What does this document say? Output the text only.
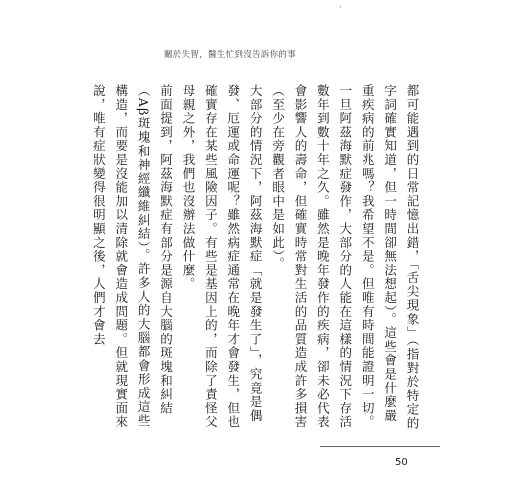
·
關於失智，醫生忙到沒告訴你的事

都可能遇到的日常記憶出錯，「舌尖現象」（指對於特定的字詞確實知道，但一時間卻無法想起）。這些會是什麼嚴重疾病的前兆嗎？我希望不是。但唯有時間能證明一切。

一旦阿茲海默症發作，大部分的人能在這樣的情況下存活數年到數十年之久。雖然是晚年發作的疾病，卻未必代表會影響人的壽命，但確實時常對生活的品質造成許多損害（至少在旁觀者眼中是如此）。

大部分的情況下，阿茲海默症「就是發生了」，究竟是偶發、厄運或命運呢？雖然病症通常在晚年才會發生，但也確實存在某些風險因子。有些是基因上的，而除了責怪父母親之外，我們也沒辦法做什麼。

前面提到，阿茲海默症有部分是源自大腦的斑塊和糾結（Aβ斑塊和神經纖維糾結）。許多人的大腦都會形成這些構造，而要是沒能加以清除就會造成問題。但就現實面來說，唯有症狀變得很明顯之後，人們才會去

50
